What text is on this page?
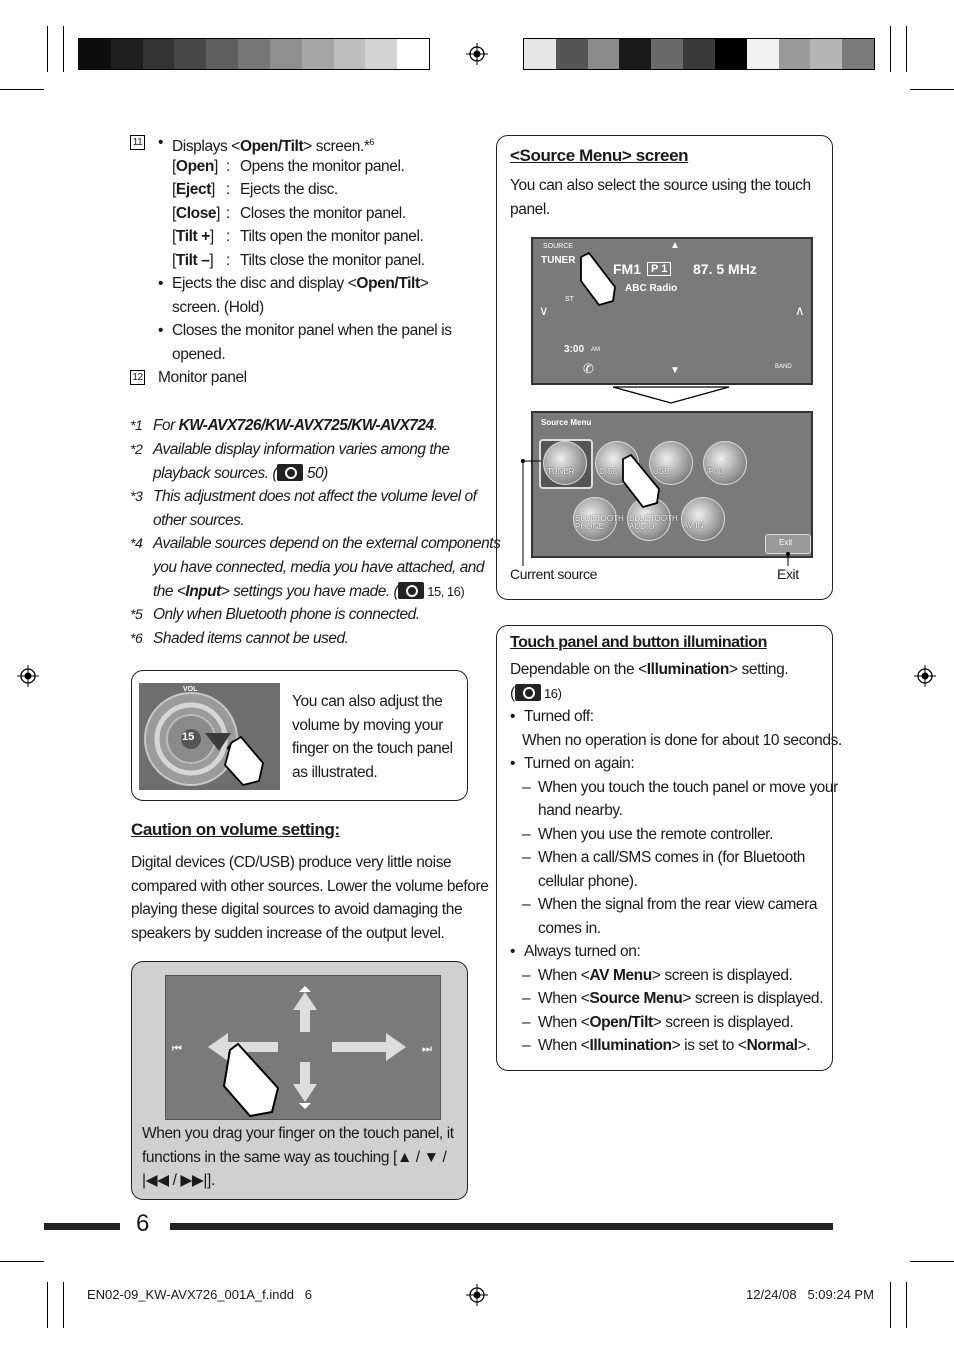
11 • Displays <Open/Tilt> screen.*$^6$
[Open] : Opens the monitor panel.
[Eject] : Ejects the disc.
[Close] : Closes the monitor panel.
[Tilt +] : Tilts open the monitor panel.
[Tilt –] : Tilts close the monitor panel.
• Ejects the disc and display <Open/Tilt>
screen. (Hold)
• Closes the monitor panel when the panel is
opened.
12 Monitor panel
*1 For KW-AVX726/KW-AVX725/KW-AVX724.
*2 Available display information varies among the
playback sources. ( 50)
*3 This adjustment does not affect the volume level of
other sources.
*4 Available sources depend on the external components
you have connected, media you have attached, and
the <Input> settings you have made. ( 15, 16)
*5 Only when Bluetooth phone is connected.
*6 Shaded items cannot be used.
VOL
15
You can also adjust the
volume by moving your
finger on the touch panel
as illustrated.
Caution on volume setting:
Digital devices (CD/USB) produce very little noise
compared with other sources. Lower the volume before
playing these digital sources to avoid damaging the
speakers by sudden increase of the output level.
⏮	⏭
When you drag your finger on the touch panel, it
functions in the same way as touching [▲ / ▼ /
|◀◀ / ▶▶|].
<Source Menu> screen
You can also select the source using the touch
panel.
SOURCE
TUNER
FM1 P 1 87. 5 MHz
ABC Radio
ST
3:00 AM
BAND
▲
▼
∨	∧
✆
Source Menu
TUNER	DISC	USB	iPod
BLUETOOTH PHONE
BLUETOOTH AUDIO	AV-IN
Exit
Current source	Exit
Touch panel and button illumination
Dependable on the <Illumination> setting.
( 16)
• Turned off:
When no operation is done for about 10 seconds.
• Turned on again:
– When you touch the touch panel or move your
hand nearby.
– When you use the remote controller.
– When a call/SMS comes in (for Bluetooth
cellular phone).
– When the signal from the rear view camera
comes in.
• Always turned on:
– When <AV Menu> screen is displayed.
– When <Source Menu> screen is displayed.
– When <Open/Tilt> screen is displayed.
– When <Illumination> is set to <Normal>.
6
EN02-09_KW-AVX726_001A_f.indd   6	12/24/08   5:09:24 PM
